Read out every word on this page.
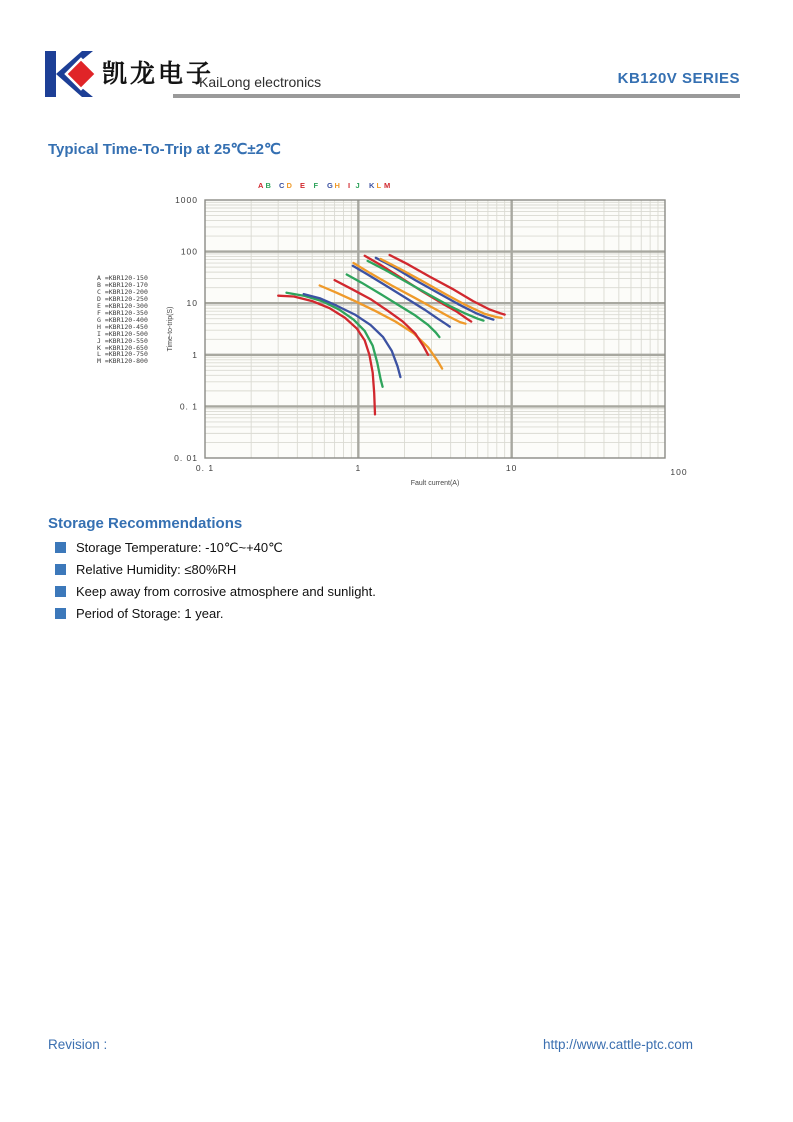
凯龙电子
KaiLong electronics	KB120V SERIES
Typical Time-To-Trip at 25℃±2℃
A =KBR120-150
B =KBR120-170
C =KBR120-200
D =KBR120-250
E =KBR120-300
F =KBR120-350
G =KBR120-400
H =KBR120-450
I =KBR120-500
J =KBR120-550
K =KBR120-650
L =KBR120-750
M =KBR120-800
1000
100
10
1
0. 1
0. 01
0. 1	1	10	100
Time-to-trip(S)
Fault current(A)
A B C D E F G H I J K L M
Storage Recommendations
Storage Temperature: -10℃~+40℃
Relative Humidity: ≤80%RH
Keep away from corrosive atmosphere and sunlight.
Period of Storage: 1 year.
Revision :	http://www.cattle-ptc.com
